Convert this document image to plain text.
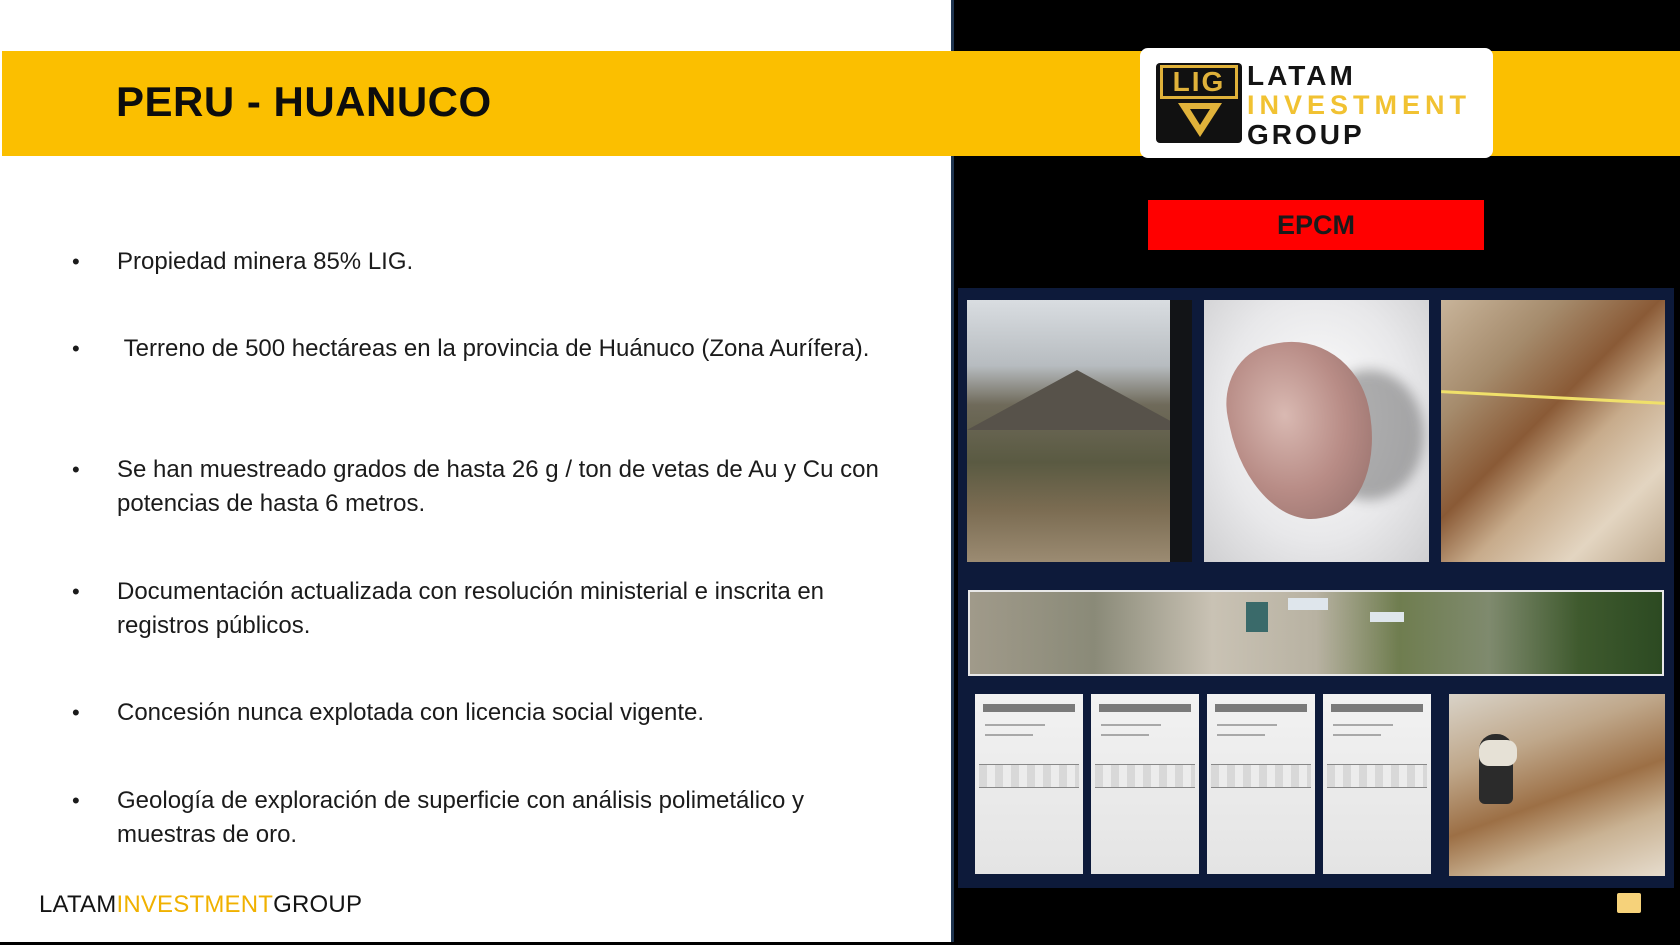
PERU - HUANUCO	LIG LATAM
INVESTMENT
GROUP
EPCM
•	Propiedad minera 85% LIG.
•	Terreno de 500 hectáreas en la provincia de Huánuco (Zona Aurífera).
•	Se han muestreado grados de hasta 26 g / ton de vetas de Au y Cu con potencias de hasta 6 metros.
•	Documentación actualizada con resolución ministerial e inscrita en registros públicos.
•	Concesión nunca explotada con licencia social vigente.
•	Geología de exploración de superficie con análisis polimetálico y muestras de oro.
LATAMINVESTMENTGROUP
